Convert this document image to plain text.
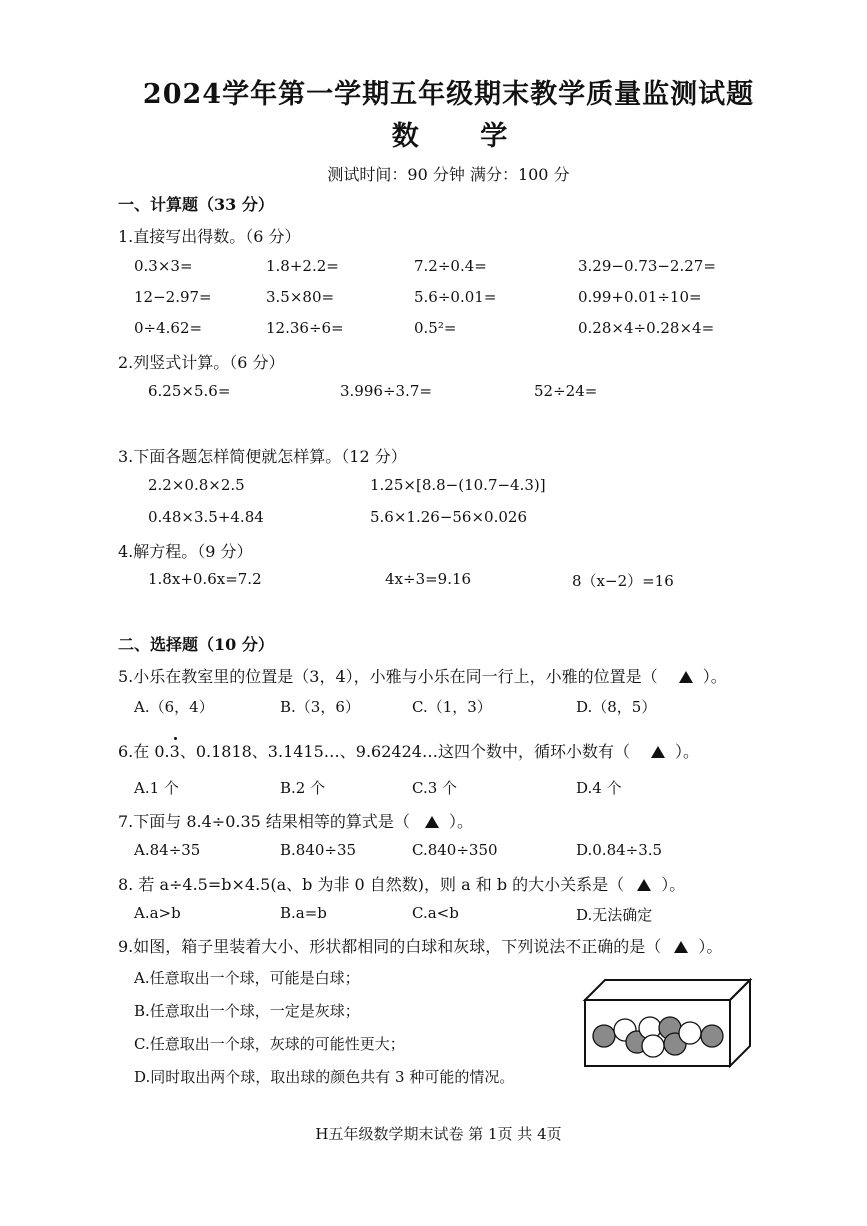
2024学年第一学期五年级期末教学质量监测试题
数 学
测试时间：90 分钟 满分：100 分
一、计算题（33 分）
1.直接写出得数。（6 分）
0.3×3=	1.8+2.2=	7.2÷0.4=	3.29−0.73−2.27=
12−2.97=	3.5×80=	5.6÷0.01=	0.99+0.01÷10=
0÷4.62=	12.36÷6=	0.5²=	0.28×4÷0.28×4=
2.列竖式计算。（6 分）
6.25×5.6=	3.996÷3.7=	52÷24=
3.下面各题怎样简便就怎样算。（12 分）
2.2×0.8×2.5	1.25×[8.8−(10.7−4.3)]
0.48×3.5+4.84	5.6×1.26−56×0.026
4.解方程。（9 分）
1.8x+0.6x=7.2	4x÷3=9.16	8（x−2）=16
二、选择题（10 分）
5.小乐在教室里的位置是（3，4），小雅与小乐在同一行上，小雅的位置是（	）。
A.（6，4）	B.（3，6）	C.（1，3）	D.（8，5）
6.在 0.3、0.1818、3.1415…、9.62424…这四个数中，循环小数有（	）。
A.1 个	B.2 个	C.3 个	D.4 个
7.下面与 8.4÷0.35 结果相等的算式是（ ）。
A.84÷35	B.840÷35	C.840÷350	D.0.84÷3.5
8. 若 a÷4.5=b×4.5(a、b 为非 0 自然数)，则 a 和 b 的大小关系是（ ）。
A.a>b	B.a=b	C.a<b	D.无法确定
9.如图，箱子里装着大小、形状都相同的白球和灰球，下列说法不正确的是（ ）。
A.任意取出一个球，可能是白球；
B.任意取出一个球，一定是灰球；
C.任意取出一个球，灰球的可能性更大；
D.同时取出两个球，取出球的颜色共有 3 种可能的情况。
H五年级数学期末试卷 第 1页 共 4页
